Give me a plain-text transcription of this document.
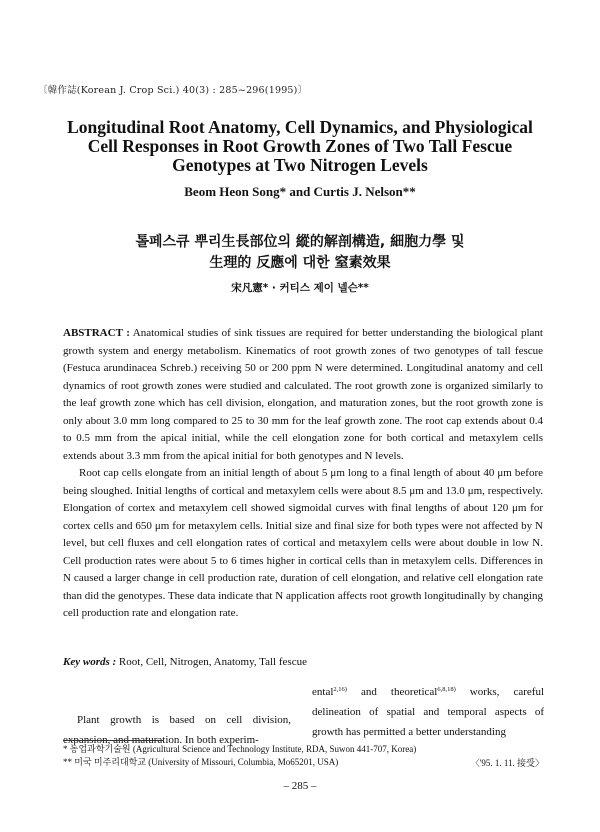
〔韓作誌(Korean J. Crop Sci.) 40(3) : 285~296(1995)〕
Longitudinal Root Anatomy, Cell Dynamics, and Physiological
Cell Responses in Root Growth Zones of Two Tall Fescue
Genotypes at Two Nitrogen Levels
Beom Heon Song* and Curtis J. Nelson**
톨페스큐 뿌리生長部位의 縱的解剖構造, 細胞力學 및
生理的 反應에 대한 窒素效果
宋凡憲* · 커티스 제이 넬슨**

ABSTRACT : Anatomical studies of sink tissues are required for better understanding the biological plant growth system and energy metabolism. Kinematics of root growth zones of two genotypes of tall fescue (Festuca arundinacea Schreb.) receiving 50 or 200 ppm N were determined. Longitudinal anatomy and cell dynamics of root growth zones were studied and calculated. The root growth zone is organized similarly to the leaf growth zone which has cell division, elongation, and maturation zones, but the root growth zone is only about 3.0 mm long compared to 25 to 30 mm for the leaf growth zone. The root cap extends about 0.4 to 0.5 mm from the apical initial, while the cell elongation zone for both cortical and metaxylem cells extends about 3.3 mm from the apical initial for both genotypes and N levels.

Root cap cells elongate from an initial length of about 5 μm long to a final length of about 40 μm before being sloughed. Initial lengths of cortical and metaxylem cells were about 8.5 μm and 13.0 μm, respectively. Elongation of cortex and metaxylem cell showed sigmoidal curves with final lengths of about 120 μm for cortex cells and 650 μm for metaxylem cells. Initial size and final size for both types were not affected by N level, but cell fluxes and cell elongation rates of cortical and metaxylem cells were about double in low N. Cell production rates were about 5 to 6 times higher in cortical cells than in metaxylem cells. Differences in N caused a larger change in cell production rate, duration of cell elongation, and relative cell elongation rate than did the genotypes. These data indicate that N application affects root growth longitudinally by changing cell production rate and elongation rate.

Key words : Root, Cell, Nitrogen, Anatomy, Tall fescue
Plant growth is based on cell division, expansion, and maturation. In both experim-
ental$^{2,16)}$ and theoretical$^{6,8,18)}$ works, careful delineation of spatial and temporal aspects of growth has permitted a better understanding
* 농업과학기술원 (Agricultural Science and Technology Institute, RDA, Suwon 441-707, Korea)
** 미국 미주리대학교 (University of Missouri, Columbia, Mo65201, USA)	〈'95. 1. 11. 接受〉
– 285 –
